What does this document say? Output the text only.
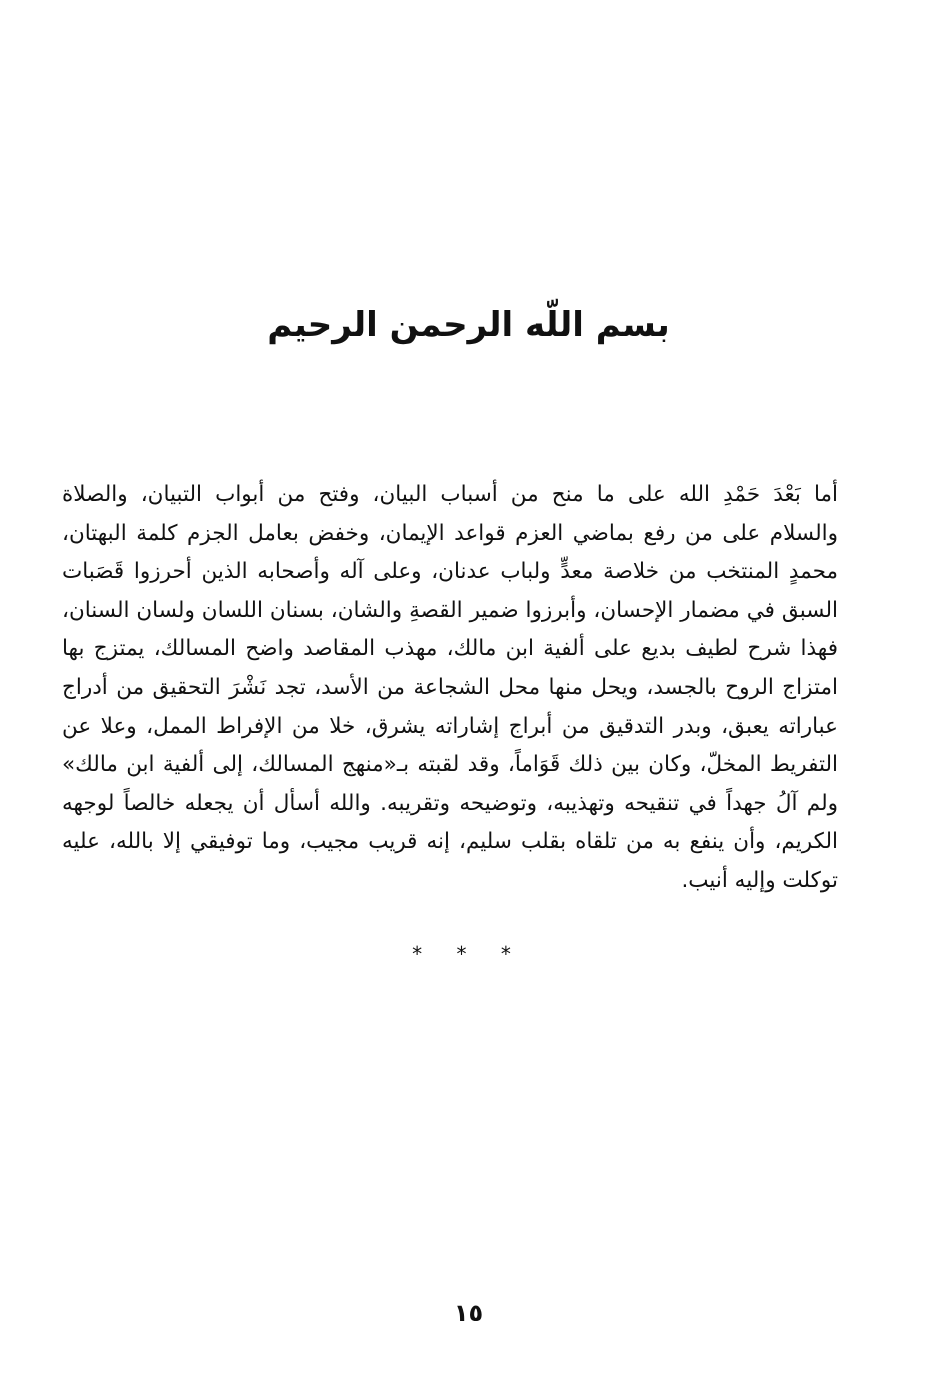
بسم اللّه الرحمن الرحيم
أما بَعْدَ حَمْدِ الله على ما منح من أسباب البيان، وفتح من أبواب التبيان، والصلاة
والسلام على من رفع بماضي العزم قواعد الإيمان، وخفض بعامل الجزم كلمة البهتان،
محمدٍ المنتخب من خلاصة معدٍّ ولباب عدنان، وعلى آله وأصحابه الذين أحرزوا قَصَبات
السبق في مضمار الإحسان، وأبرزوا ضمير القصةِ والشان، بسنان اللسان ولسان السنان،
فهذا شرح لطيف بديع على ألفية ابن مالك، مهذب المقاصد واضح المسالك، يمتزج بها
امتزاج الروح بالجسد، ويحل منها محل الشجاعة من الأسد، تجد نَشْرَ التحقيق من أدراج
عباراته يعبق، وبدر التدقيق من أبراج إشاراته يشرق، خلا من الإفراط الممل، وعلا عن
التفريط المخلّ، وكان بين ذلك قَوَاماً، وقد لقبته بـ«منهج المسالك، إلى ألفية ابن مالك»
ولم آلُ جهداً في تنقيحه وتهذيبه، وتوضيحه وتقريبه. والله أسأل أن يجعله خالصاً لوجهه
الكريم، وأن ينفع به من تلقاه بقلب سليم، إنه قريب مجيب، وما توفيقي إلا بالله، عليه
توكلت وإليه أنيب.
* * *
١٥
